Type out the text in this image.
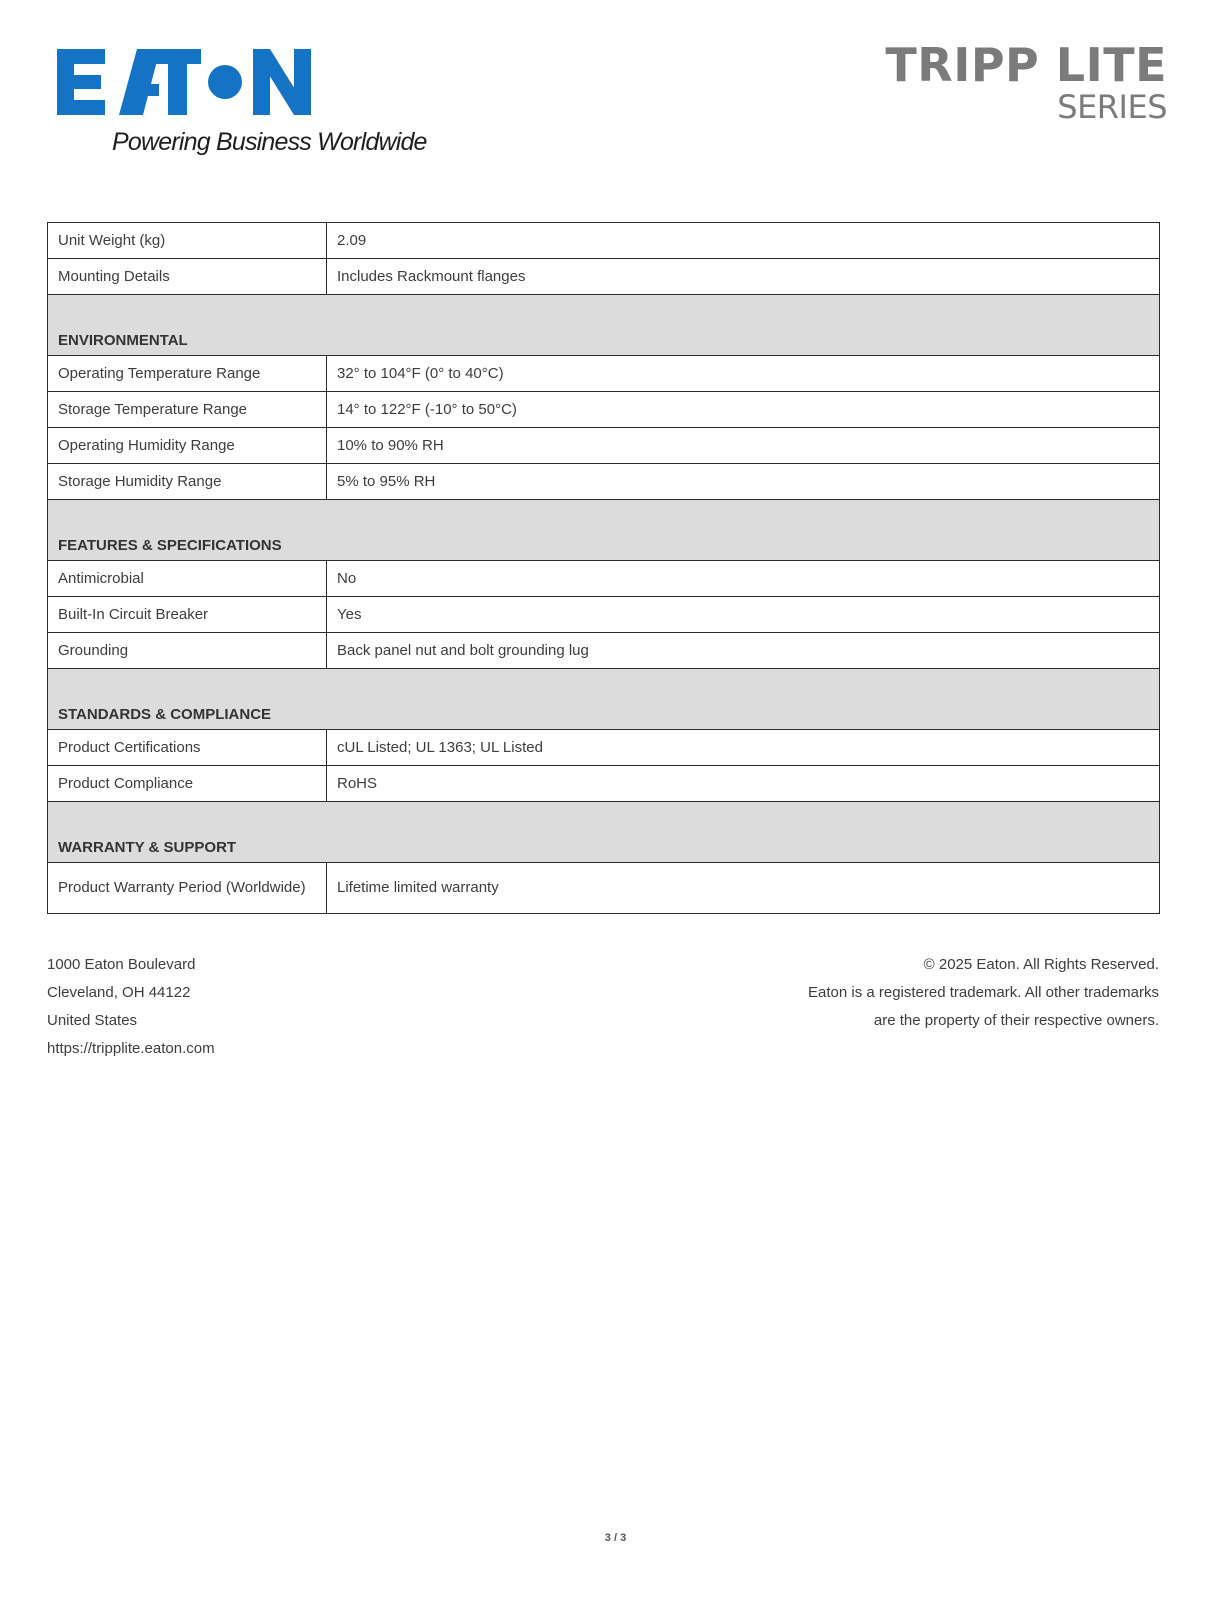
Powering Business Worldwide
TRIPP LITE
SERIES
Unit Weight (kg)	2.09
Mounting Details	Includes Rackmount flanges
ENVIRONMENTAL	
Operating Temperature Range	32° to 104°F (0° to 40°C)
Storage Temperature Range	14° to 122°F (-10° to 50°C)
Operating Humidity Range	10% to 90% RH
Storage Humidity Range	5% to 95% RH
FEATURES & SPECIFICATIONS	
Antimicrobial	No
Built-In Circuit Breaker	Yes
Grounding	Back panel nut and bolt grounding lug
STANDARDS & COMPLIANCE	
Product Certifications	cUL Listed; UL 1363; UL Listed
Product Compliance	RoHS
WARRANTY & SUPPORT	
Product Warranty Period (Worldwide)	Lifetime limited warranty
1000 Eaton Boulevard
Cleveland, OH 44122
United States
https://tripplite.eaton.com
© 2025 Eaton. All Rights Reserved.
Eaton is a registered trademark. All other trademarks
are the property of their respective owners.
3 / 3
